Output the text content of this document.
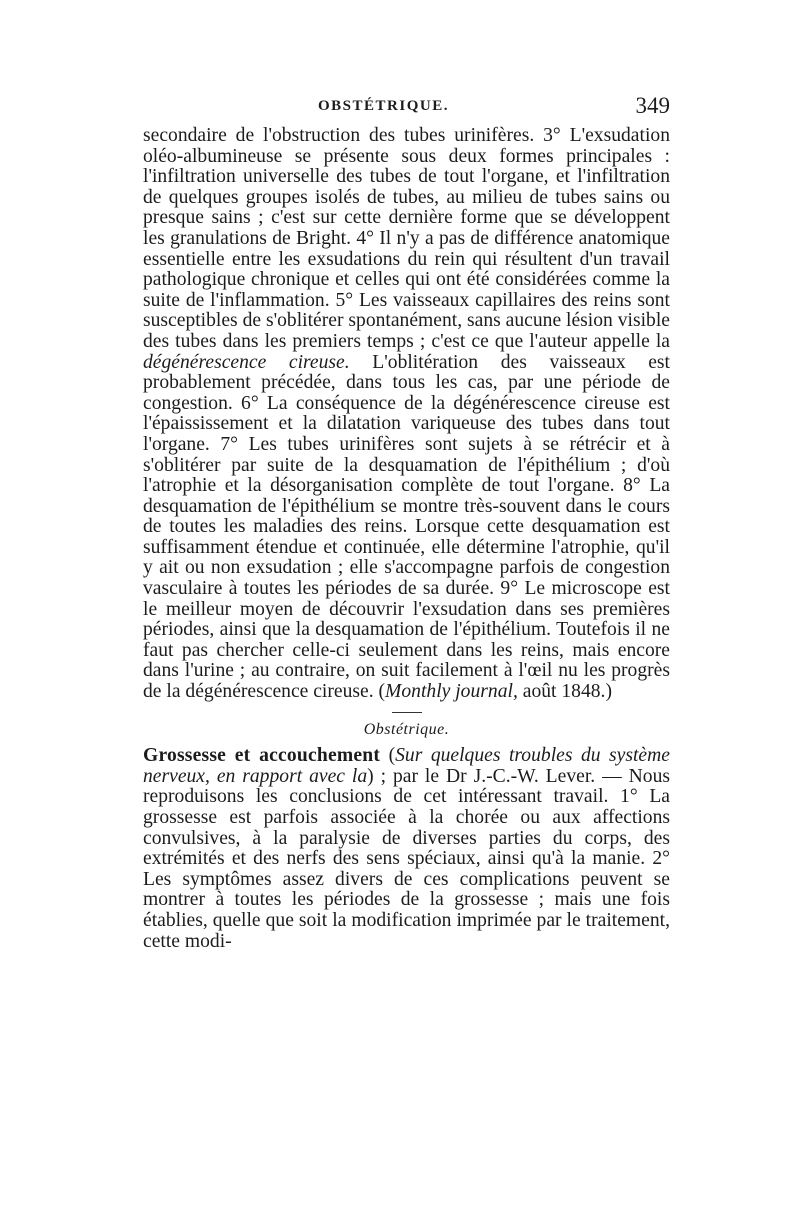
OBSTÉTRIQUE.	349

secondaire de l'obstruction des tubes urinifères. 3° L'exsudation oléo-albumineuse se présente sous deux formes principales : l'infiltration universelle des tubes de tout l'organe, et l'infiltration de quelques groupes isolés de tubes, au milieu de tubes sains ou presque sains ; c'est sur cette dernière forme que se développent les granulations de Bright. 4° Il n'y a pas de différence anatomique essentielle entre les exsudations du rein qui résultent d'un travail pathologique chronique et celles qui ont été considérées comme la suite de l'inflammation. 5° Les vaisseaux capillaires des reins sont susceptibles de s'oblitérer spontanément, sans aucune lésion visible des tubes dans les premiers temps ; c'est ce que l'auteur appelle la dégénérescence cireuse. L'oblitération des vaisseaux est probablement précédée, dans tous les cas, par une période de congestion. 6° La conséquence de la dégénérescence cireuse est l'épaississement et la dilatation variqueuse des tubes dans tout l'organe. 7° Les tubes urinifères sont sujets à se rétrécir et à s'oblitérer par suite de la desquamation de l'épithélium ; d'où l'atrophie et la désorganisation complète de tout l'organe. 8° La desquamation de l'épithélium se montre très-souvent dans le cours de toutes les maladies des reins. Lorsque cette desquamation est suffisamment étendue et continuée, elle détermine l'atrophie, qu'il y ait ou non exsudation ; elle s'accompagne parfois de congestion vasculaire à toutes les périodes de sa durée. 9° Le microscope est le meilleur moyen de découvrir l'exsudation dans ses premières périodes, ainsi que la desquamation de l'épithélium. Toutefois il ne faut pas chercher celle-ci seulement dans les reins, mais encore dans l'urine ; au contraire, on suit facilement à l'œil nu les progrès de la dégénérescence cireuse. (Monthly journal, août 1848.)

Obstétrique.

Grossesse et accouchement (Sur quelques troubles du système nerveux, en rapport avec la) ; par le Dr J.-C.-W. Lever. — Nous reproduisons les conclusions de cet intéressant travail. 1° La grossesse est parfois associée à la chorée ou aux affections convulsives, à la paralysie de diverses parties du corps, des extrémités et des nerfs des sens spéciaux, ainsi qu'à la manie. 2° Les symptômes assez divers de ces complications peuvent se montrer à toutes les périodes de la grossesse ; mais une fois établies, quelle que soit la modification imprimée par le traitement, cette modi-
